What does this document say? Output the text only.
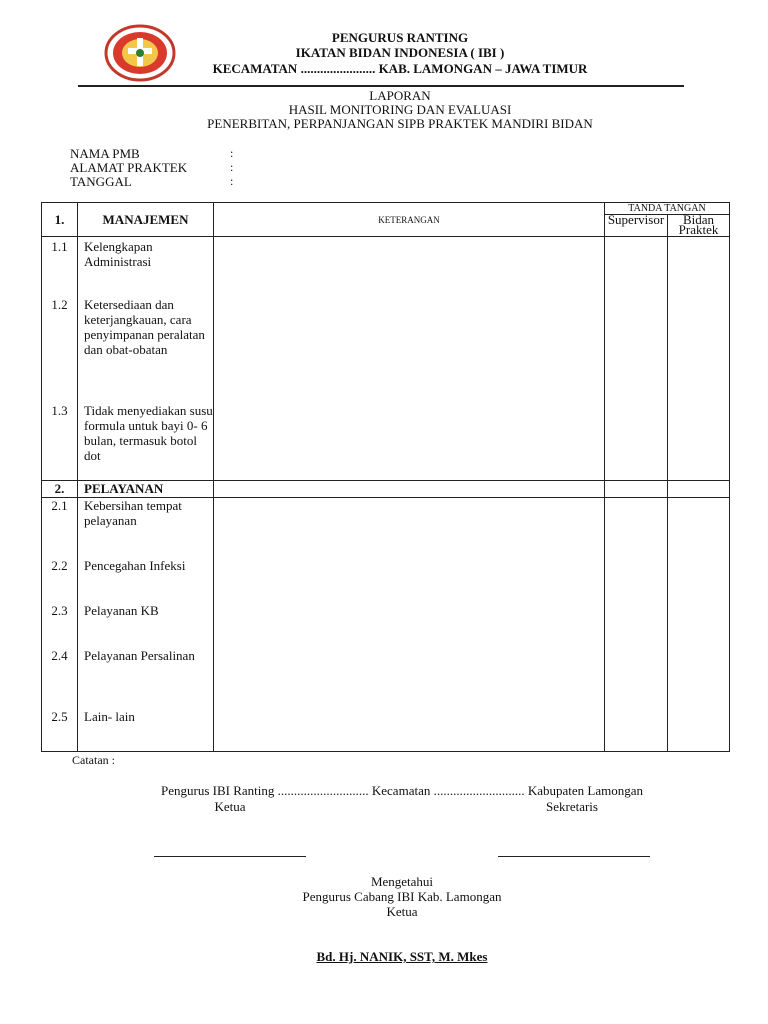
PENGURUS RANTING
IKATAN BIDAN INDONESIA ( IBI )
KECAMATAN ....................... KAB. LAMONGAN – JAWA TIMUR
LAPORAN
HASIL MONITORING DAN EVALUASI
PENERBITAN, PERPANJANGAN SIPB PRAKTEK MANDIRI BIDAN
NAMA PMB	:
ALAMAT PRAKTEK	:
TANGGAL	:
1.	MANAJEMEN	KETERANGAN	TANDA TANGAN	
			Supervisor	Bidan Praktek
1.1	Kelengkapan Administrasi			
1.2	Ketersediaan dan keterjangkauan, cara penyimpanan peralatan dan obat-obatan			
1.3	Tidak menyediakan susu formula untuk bayi 0- 6 bulan, termasuk botol dot			
2.	PELAYANAN			
2.1	Kebersihan tempat pelayanan			
2.2	Pencegahan Infeksi			
2.3	Pelayanan KB			
2.4	Pelayanan Persalinan			
2.5	Lain- lain			
Catatan :
Pengurus IBI Ranting ............................ Kecamatan ............................ Kabupaten Lamongan
Ketua	Sekretaris
Mengetahui
Pengurus Cabang IBI Kab. Lamongan
Ketua
Bd. Hj. NANIK, SST, M. Mkes
